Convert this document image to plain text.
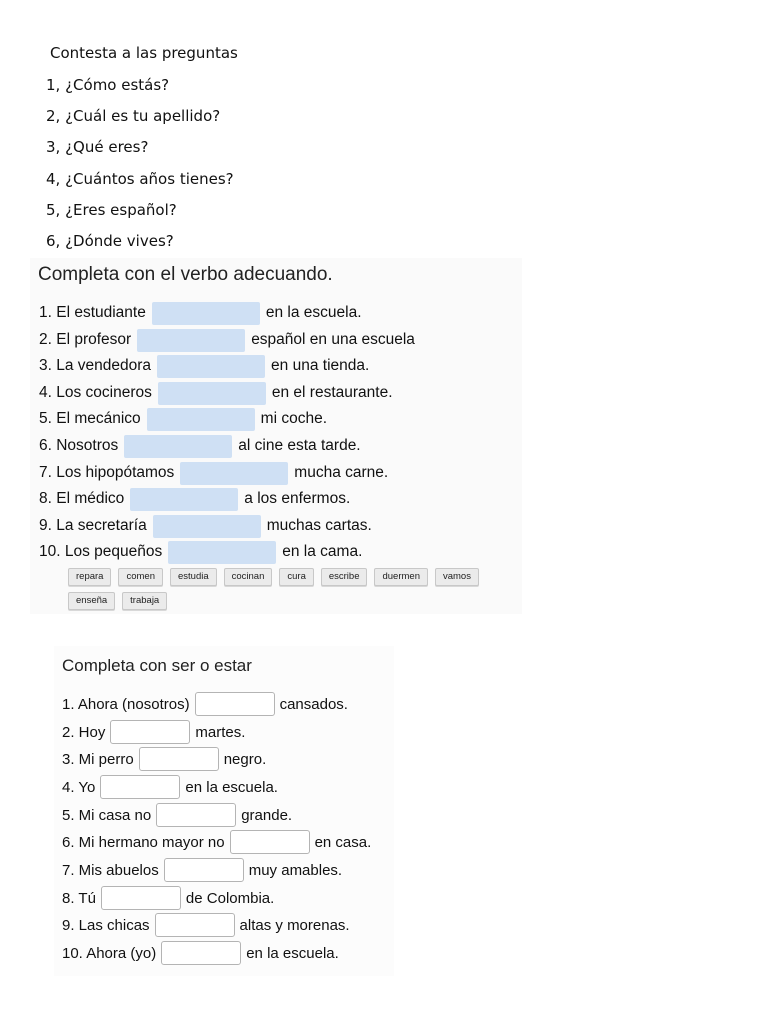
Contesta a las preguntas
1, ¿Cómo estás?
2, ¿Cuál es tu apellido?
3, ¿Qué eres?
4, ¿Cuántos años tienes?
5, ¿Eres español?
6, ¿Dónde vives?
Completa con el verbo adecuando.
1. El estudiante	en la escuela.
2. El profesor	español en una escuela
3. La vendedora	en una tienda.
4. Los cocineros	en el restaurante.
5. El mecánico	mi coche.
6. Nosotros	al cine esta tarde.
7. Los hipopótamos	mucha carne.
8. El médico	a los enfermos.
9. La secretaría	muchas cartas.
10. Los pequeños	en la cama.
repara	comen	estudia	cocinan	cura	escribe	duermen	vamos
enseña	trabaja
Completa con ser o estar
1. Ahora (nosotros)	cansados.
2. Hoy	martes.
3. Mi perro	negro.
4. Yo	en la escuela.
5. Mi casa no	grande.
6. Mi hermano mayor no	en casa.
7. Mis abuelos	muy amables.
8. Tú	de Colombia.
9. Las chicas	altas y morenas.
10. Ahora (yo)	en la escuela.
